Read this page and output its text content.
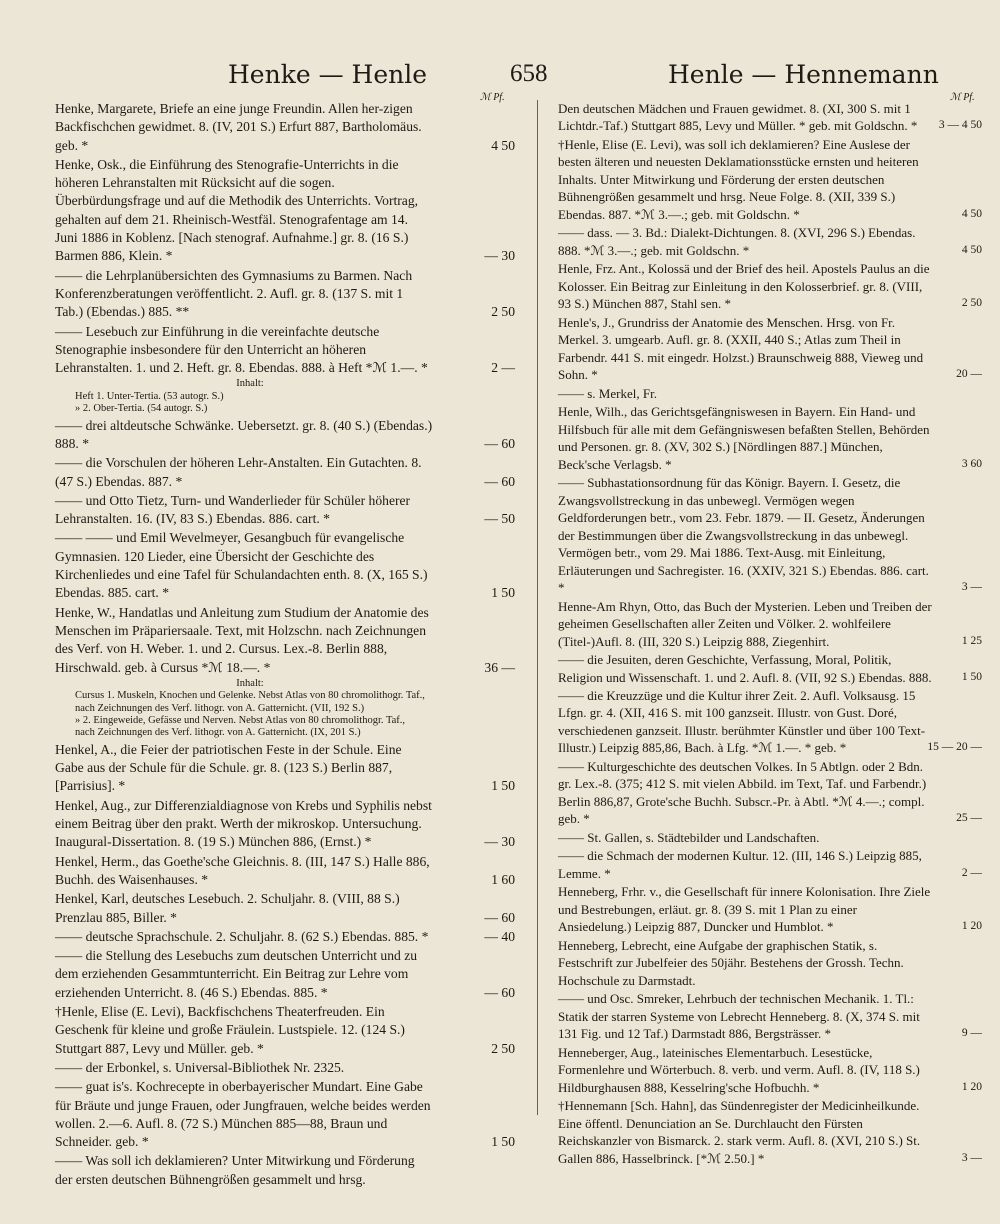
Henke — Henle	658	Henle — Hennemann
ℳ Pf.	ℳ Pf.
Henke, Margarete, Briefe an eine junge Freundin. Allen her-zigen Backfischchen gewidmet. 8. (IV, 201 S.) Erfurt 887, Bartholomäus. geb. *	4 50
Henke, Osk., die Einführung des Stenografie-Unterrichts in die höheren Lehranstalten mit Rücksicht auf die sogen. Überbürdungsfrage und auf die Methodik des Unterrichts. Vortrag, gehalten auf dem 21. Rheinisch-Westfäl. Stenografentage am 14. Juni 1886 in Koblenz. [Nach stenograf. Aufnahme.] gr. 8. (16 S.) Barmen 886, Klein. *	— 30
—— die Lehrplanübersichten des Gymnasiums zu Barmen. Nach Konferenzberatungen veröffentlicht. 2. Aufl. gr. 8. (137 S. mit 1 Tab.) (Ebendas.) 885. **	2 50
—— Lesebuch zur Einführung in die vereinfachte deutsche Stenographie insbesondere für den Unterricht an höheren Lehranstalten. 1. und 2. Heft. gr. 8. Ebendas. 888. à Heft *ℳ 1.—. *	2 —
Inhalt:
Heft 1. Unter-Tertia. (53 autogr. S.)
» 2. Ober-Tertia. (54 autogr. S.)
—— drei altdeutsche Schwänke. Uebersetzt. gr. 8. (40 S.) (Ebendas.) 888. *	— 60
—— die Vorschulen der höheren Lehr-Anstalten. Ein Gutachten. 8. (47 S.) Ebendas. 887. *	— 60
—— und Otto Tietz, Turn- und Wanderlieder für Schüler höherer Lehranstalten. 16. (IV, 83 S.) Ebendas. 886. cart. *	— 50
—— —— und Emil Wevelmeyer, Gesangbuch für evangelische Gymnasien. 120 Lieder, eine Übersicht der Geschichte des Kirchenliedes und eine Tafel für Schulandachten enth. 8. (X, 165 S.) Ebendas. 885. cart. *	1 50
Henke, W., Handatlas und Anleitung zum Studium der Anatomie des Menschen im Präpariersaale. Text, mit Holzschn. nach Zeichnungen des Verf. von H. Weber. 1. und 2. Cursus. Lex.-8. Berlin 888, Hirschwald. geb. à Cursus *ℳ 18.—. *	36 —
Inhalt:
Cursus 1. Muskeln, Knochen und Gelenke. Nebst Atlas von 80 chromolithogr. Taf., nach Zeichnungen des Verf. lithogr. von A. Gatternicht. (VII, 192 S.)
» 2. Eingeweide, Gefässe und Nerven. Nebst Atlas von 80 chromolithogr. Taf., nach Zeichnungen des Verf. lithogr. von A. Gatternicht. (IX, 201 S.)
Henkel, A., die Feier der patriotischen Feste in der Schule. Eine Gabe aus der Schule für die Schule. gr. 8. (123 S.) Berlin 887, [Parrisius]. *	1 50
Henkel, Aug., zur Differenzialdiagnose von Krebs und Syphilis nebst einem Beitrag über den prakt. Werth der mikroskop. Untersuchung. Inaugural-Dissertation. 8. (19 S.) München 886, (Ernst.) *	— 30
Henkel, Herm., das Goethe'sche Gleichnis. 8. (III, 147 S.) Halle 886, Buchh. des Waisenhauses. *	1 60
Henkel, Karl, deutsches Lesebuch. 2. Schuljahr. 8. (VIII, 88 S.) Prenzlau 885, Biller. *	— 60
—— deutsche Sprachschule. 2. Schuljahr. 8. (62 S.) Ebendas. 885. *	— 40
—— die Stellung des Lesebuchs zum deutschen Unterricht und zu dem erziehenden Gesammtunterricht. Ein Beitrag zur Lehre vom erziehenden Unterricht. 8. (46 S.) Ebendas. 885. *	— 60
†Henle, Elise (E. Levi), Backfischchens Theaterfreuden. Ein Geschenk für kleine und große Fräulein. Lustspiele. 12. (124 S.) Stuttgart 887, Levy und Müller. geb. *	2 50
—— der Erbonkel, s. Universal-Bibliothek Nr. 2325.
—— guat is's. Kochrecepte in oberbayerischer Mundart. Eine Gabe für Bräute und junge Frauen, oder Jungfrauen, welche beides werden wollen. 2.—6. Aufl. 8. (72 S.) München 885—88, Braun und Schneider. geb. *	1 50
—— Was soll ich deklamieren? Unter Mitwirkung und Förderung der ersten deutschen Bühnengrößen gesammelt und hrsg.
Den deutschen Mädchen und Frauen gewidmet. 8. (XI, 300 S. mit 1 Lichtdr.-Taf.) Stuttgart 885, Levy und Müller. * geb. mit Goldschn. *	3 — 4 50
†Henle, Elise (E. Levi), was soll ich deklamieren? Eine Auslese der besten älteren und neuesten Deklamationsstücke ernsten und heiteren Inhalts. Unter Mitwirkung und Förderung der ersten deutschen Bühnengrößen gesammelt und hrsg. Neue Folge. 8. (XII, 339 S.) Ebendas. 887. *ℳ 3.—.; geb. mit Goldschn. *	4 50
—— dass. — 3. Bd.: Dialekt-Dichtungen. 8. (XVI, 296 S.) Ebendas. 888. *ℳ 3.—.; geb. mit Goldschn. *	4 50
Henle, Frz. Ant., Kolossä und der Brief des heil. Apostels Paulus an die Kolosser. Ein Beitrag zur Einleitung in den Kolosserbrief. gr. 8. (VIII, 93 S.) München 887, Stahl sen. *	2 50
Henle's, J., Grundriss der Anatomie des Menschen. Hrsg. von Fr. Merkel. 3. umgearb. Aufl. gr. 8. (XXII, 440 S.; Atlas zum Theil in Farbendr. 441 S. mit eingedr. Holzst.) Braunschweig 888, Vieweg und Sohn. *	20 —
—— s. Merkel, Fr.
Henle, Wilh., das Gerichtsgefängniswesen in Bayern. Ein Hand- und Hilfsbuch für alle mit dem Gefängniswesen befaßten Stellen, Behörden und Personen. gr. 8. (XV, 302 S.) [Nördlingen 887.] München, Beck'sche Verlagsb. *	3 60
—— Subhastationsordnung für das Königr. Bayern. I. Gesetz, die Zwangsvollstreckung in das unbewegl. Vermögen wegen Geldforderungen betr., vom 23. Febr. 1879. — II. Gesetz, Änderungen der Bestimmungen über die Zwangsvollstreckung in das unbewegl. Vermögen betr., vom 29. Mai 1886. Text-Ausg. mit Einleitung, Erläuterungen und Sachregister. 16. (XXIV, 321 S.) Ebendas. 886. cart. *	3 —
Henne-Am Rhyn, Otto, das Buch der Mysterien. Leben und Treiben der geheimen Gesellschaften aller Zeiten und Völker. 2. wohlfeilere (Titel-)Aufl. 8. (III, 320 S.) Leipzig 888, Ziegenhirt.	1 25
—— die Jesuiten, deren Geschichte, Verfassung, Moral, Politik, Religion und Wissenschaft. 1. und 2. Aufl. 8. (VII, 92 S.) Ebendas. 888.	1 50
—— die Kreuzzüge und die Kultur ihrer Zeit. 2. Aufl. Volksausg. 15 Lfgn. gr. 4. (XII, 416 S. mit 100 ganzseit. Illustr. von Gust. Doré, verschiedenen ganzseit. Illustr. berühmter Künstler und über 100 Text-Illustr.) Leipzig 885,86, Bach. à Lfg. *ℳ 1.—. * geb. *	15 — 20 —
—— Kulturgeschichte des deutschen Volkes. In 5 Abtlgn. oder 2 Bdn. gr. Lex.-8. (375; 412 S. mit vielen Abbild. im Text, Taf. und Farbendr.) Berlin 886,87, Grote'sche Buchh. Subscr.-Pr. à Abtl. *ℳ 4.—.; compl. geb. *	25 —
—— St. Gallen, s. Städtebilder und Landschaften.
—— die Schmach der modernen Kultur. 12. (III, 146 S.) Leipzig 885, Lemme. *	2 —
Henneberg, Frhr. v., die Gesellschaft für innere Kolonisation. Ihre Ziele und Bestrebungen, erläut. gr. 8. (39 S. mit 1 Plan zu einer Ansiedelung.) Leipzig 887, Duncker und Humblot. *	1 20
Henneberg, Lebrecht, eine Aufgabe der graphischen Statik, s. Festschrift zur Jubelfeier des 50jähr. Bestehens der Grossh. Techn. Hochschule zu Darmstadt.
—— und Osc. Smreker, Lehrbuch der technischen Mechanik. 1. Tl.: Statik der starren Systeme von Lebrecht Henneberg. 8. (X, 374 S. mit 131 Fig. und 12 Taf.) Darmstadt 886, Bergsträsser. *	9 —
Henneberger, Aug., lateinisches Elementarbuch. Lesestücke, Formenlehre und Wörterbuch. 8. verb. und verm. Aufl. 8. (IV, 118 S.) Hildburghausen 888, Kesselring'sche Hofbuchh. *	1 20
†Hennemann [Sch. Hahn], das Sündenregister der Medicinheilkunde. Eine öffentl. Denunciation an Se. Durchlaucht den Fürsten Reichskanzler von Bismarck. 2. stark verm. Aufl. 8. (XVI, 210 S.) St. Gallen 886, Hasselbrinck. [*ℳ 2.50.] *	3 —
